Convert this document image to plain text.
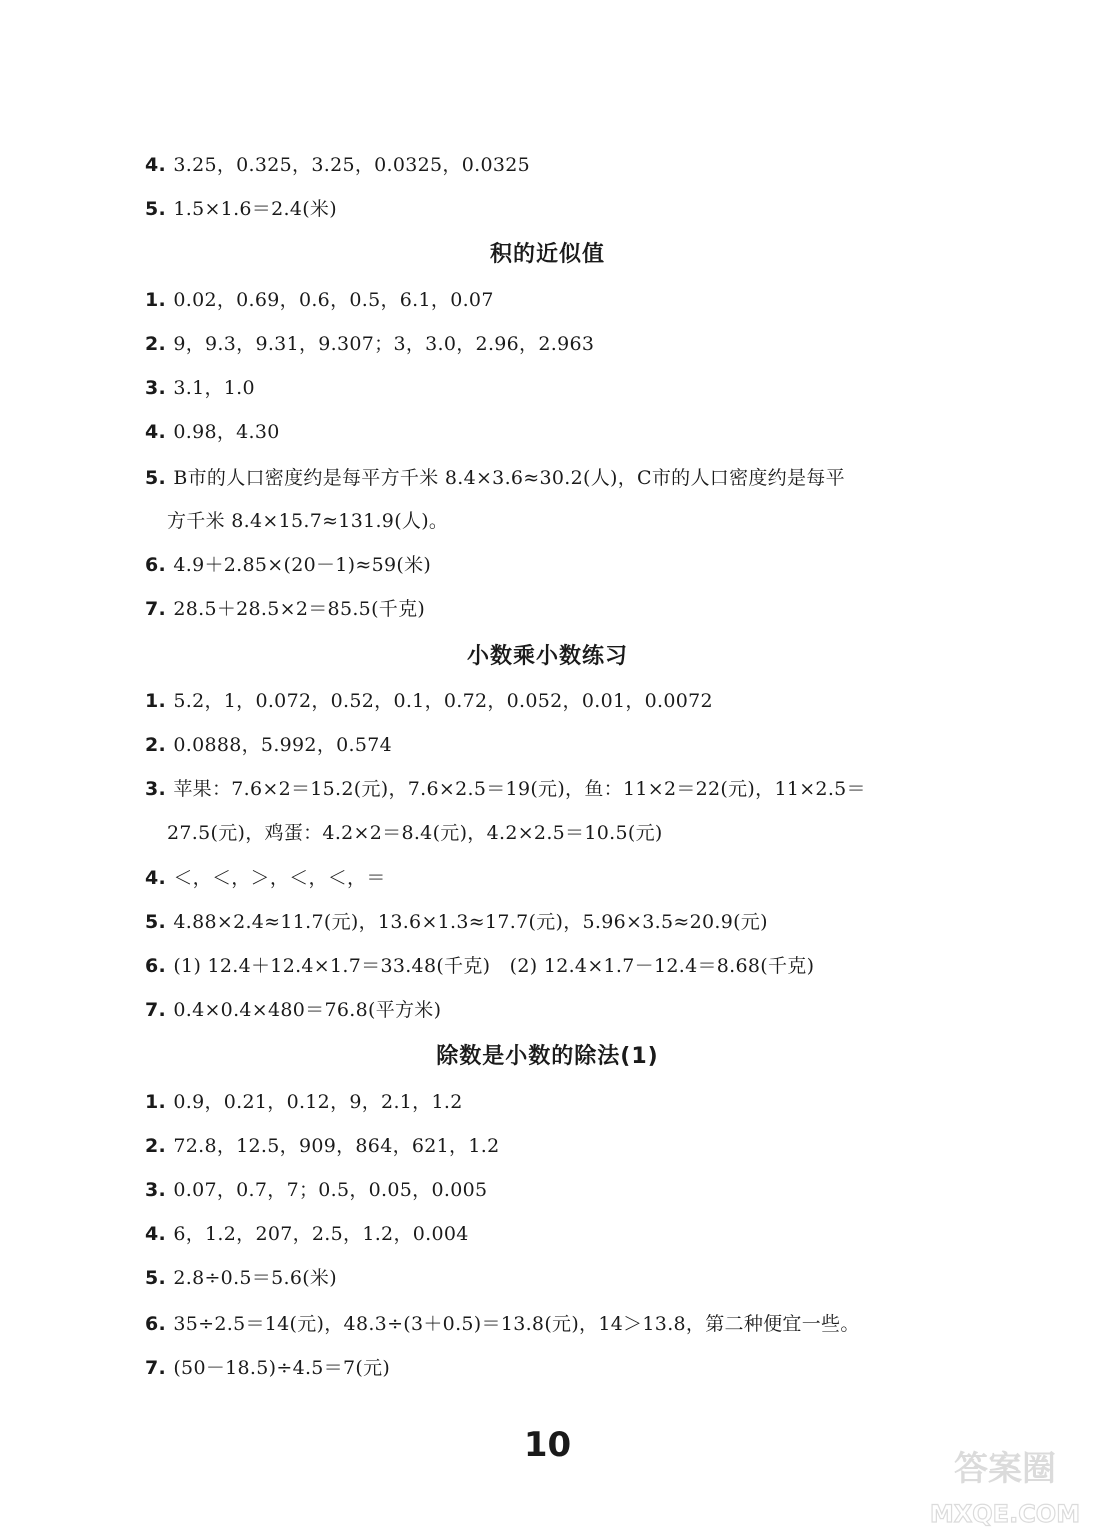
4. 3.25，0.325，3.25，0.0325，0.0325
5. 1.5×1.6＝2.4(米)
积的近似值
1. 0.02，0.69，0.6，0.5，6.1，0.07
2. 9，9.3，9.31，9.307；3，3.0，2.96，2.963
3. 3.1，1.0
4. 0.98，4.30
5. B市的人口密度约是每平方千米 8.4×3.6≈30.2(人)，C市的人口密度约是每平
方千米 8.4×15.7≈131.9(人)。
6. 4.9＋2.85×(20－1)≈59(米)
7. 28.5＋28.5×2＝85.5(千克)
小数乘小数练习
1. 5.2，1，0.072，0.52，0.1，0.72，0.052，0.01，0.0072
2. 0.0888，5.992，0.574
3. 苹果：7.6×2＝15.2(元)，7.6×2.5＝19(元)，鱼：11×2＝22(元)，11×2.5＝
27.5(元)，鸡蛋：4.2×2＝8.4(元)，4.2×2.5＝10.5(元)
4. ＜，＜，＞，＜，＜，＝
5. 4.88×2.4≈11.7(元)，13.6×1.3≈17.7(元)，5.96×3.5≈20.9(元)
6. (1) 12.4＋12.4×1.7＝33.48(千克)　(2) 12.4×1.7－12.4＝8.68(千克)
7. 0.4×0.4×480＝76.8(平方米)
除数是小数的除法(1)
1. 0.9，0.21，0.12，9，2.1，1.2
2. 72.8，12.5，909，864，621，1.2
3. 0.07，0.7，7；0.5，0.05，0.005
4. 6，1.2，207，2.5，1.2，0.004
5. 2.8÷0.5＝5.6(米)
6. 35÷2.5＝14(元)，48.3÷(3＋0.5)＝13.8(元)，14＞13.8，第二种便宜一些。
7. (50－18.5)÷4.5＝7(元)
10
答案圈
MXQE.COM
